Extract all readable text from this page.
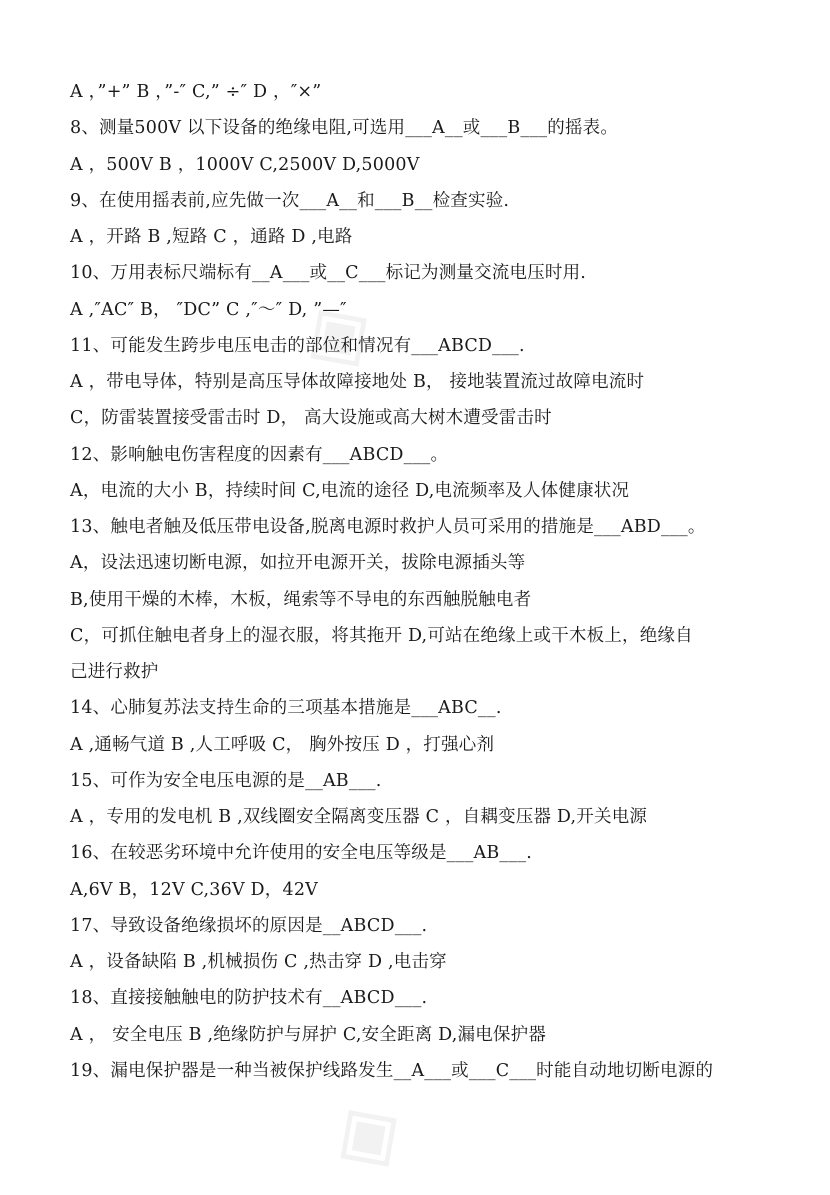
◈
◈
A ，”+” B ，”-″ C,” ÷″ D ，″×”
8、测量500V 以下设备的绝缘电阻,可选用___A__或___B___的摇表。
A ，500V B ，1000V C,2500V D,5000V
9、在使用摇表前,应先做一次___A__和___B__检查实验.
A ，开路 B ,短路 C ，通路 D ,电路
10、万用表标尺端标有__A___或__C___标记为测量交流电压时用.
A ,″AC″ B， ″DC” C ,″～″ D, ”—″
11、可能发生跨步电压电击的部位和情况有___ABCD___.
A ，带电导体，特别是高压导体故障接地处 B， 接地装置流过故障电流时
C，防雷装置接受雷击时 D， 高大设施或高大树木遭受雷击时
12、影响触电伤害程度的因素有___ABCD___。
A，电流的大小 B，持续时间 C,电流的途径 D,电流频率及人体健康状况
13、触电者触及低压带电设备,脱离电源时救护人员可采用的措施是___ABD___。
A，设法迅速切断电源，如拉开电源开关，拔除电源插头等
B,使用干燥的木棒，木板，绳索等不导电的东西触脱触电者
C，可抓住触电者身上的湿衣服，将其拖开 D,可站在绝缘上或干木板上，绝缘自
己进行救护
14、心肺复苏法支持生命的三项基本措施是___ABC__.
A ,通畅气道 B ,人工呼吸 C， 胸外按压 D ，打强心剂
15、可作为安全电压电源的是__AB___.
A ，专用的发电机 B ,双线圈安全隔离变压器 C ，自耦变压器 D,开关电源
16、在较恶劣环境中允许使用的安全电压等级是___AB___.
A,6V B，12V C,36V D，42V
17、导致设备绝缘损坏的原因是__ABCD___.
A ，设备缺陷 B ,机械损伤 C ,热击穿 D ,电击穿
18、直接接触触电的防护技术有__ABCD___.
A ， 安全电压 B ,绝缘防护与屏护 C,安全距离 D,漏电保护器
19、漏电保护器是一种当被保护线路发生__A___或___C___时能自动地切断电源的
